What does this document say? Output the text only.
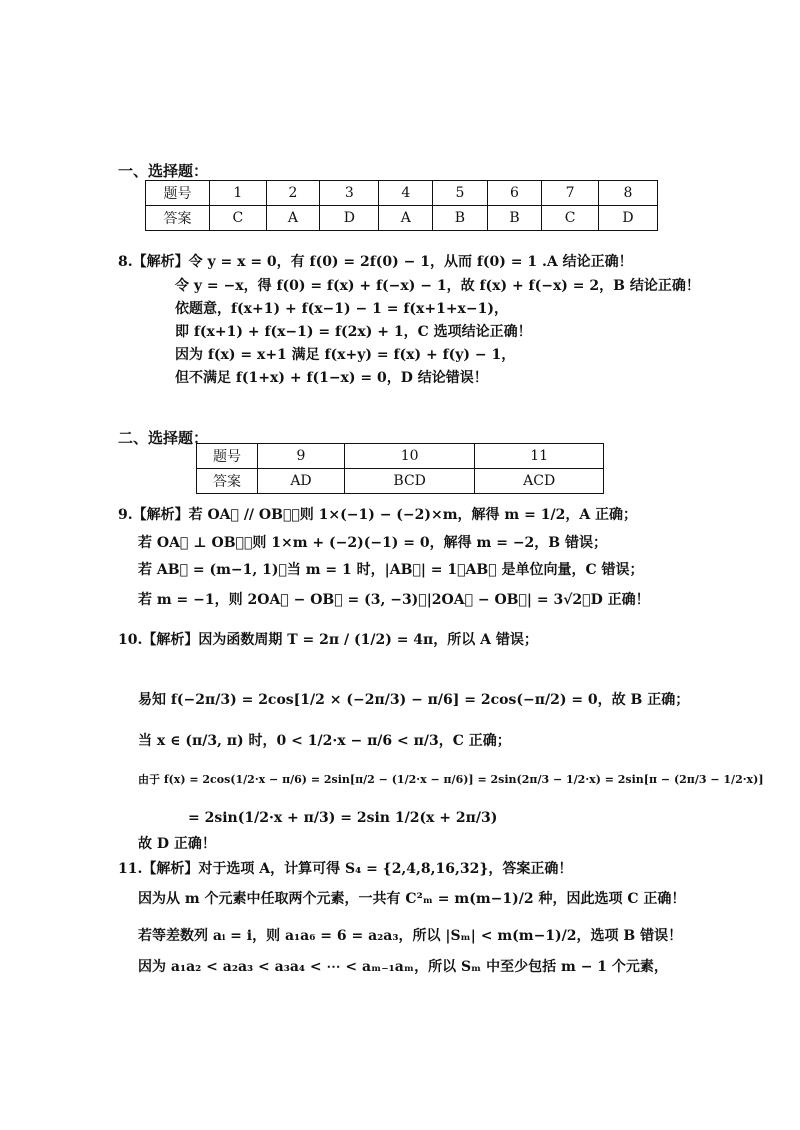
一、选择题：
题号	1	2	3	4	5	6	7	8
答案	C	A	D	A	B	B	C	D
8.【解析】令 y = x = 0，有 f(0) = 2f(0) − 1，从而 f(0) = 1 .A 结论正确！
令 y = −x，得 f(0) = f(x) + f(−x) − 1，故 f(x) + f(−x) = 2，B 结论正确！
依题意，f(x+1) + f(x−1) − 1 = f(x+1+x−1)，
即 f(x+1) + f(x−1) = f(2x) + 1，C 选项结论正确！
因为 f(x) = x+1 满足 f(x+y) = f(x) + f(y) − 1，
但不满足 f(1+x) + f(1−x) = 0，D 结论错误！
二、选择题：
题号	9	10	11
答案	AD	BCD	ACD
9.【解析】若 OA⃗ // OB⃗，则 1×(−1) − (−2)×m，解得 m = 1/2，A 正确；
若 OA⃗ ⊥ OB⃗，则 1×m + (−2)(−1) = 0，解得 m = −2，B 错误；
若 AB⃗ = (m−1, 1)，当 m = 1 时，|AB⃗| = 1，AB⃗ 是单位向量，C 错误；
若 m = −1，则 2OA⃗ − OB⃗ = (3, −3)，|2OA⃗ − OB⃗| = 3√2，D 正确！
10.【解析】因为函数周期 T = 2π / (1/2) = 4π，所以 A 错误；
易知 f(−2π/3) = 2cos[1/2 × (−2π/3) − π/6] = 2cos(−π/2) = 0，故 B 正确；
当 x ∈ (π/3, π) 时，0 < 1/2·x − π/6 < π/3，C 正确；
由于 f(x) = 2cos(1/2·x − π/6) = 2sin[π/2 − (1/2·x − π/6)] = 2sin(2π/3 − 1/2·x) = 2sin[π − (2π/3 − 1/2·x)]
= 2sin(1/2·x + π/3) = 2sin 1/2(x + 2π/3)
故 D 正确！
11.【解析】对于选项 A，计算可得 S₄ = {2,4,8,16,32}，答案正确！
因为从 m 个元素中任取两个元素，一共有 C²ₘ = m(m−1)/2 种，因此选项 C 正确！
若等差数列 aᵢ = i，则 a₁a₆ = 6 = a₂a₃，所以 |Sₘ| < m(m−1)/2，选项 B 错误！
因为 a₁a₂ < a₂a₃ < a₃a₄ < ⋯ < aₘ₋₁aₘ，所以 Sₘ 中至少包括 m − 1 个元素，
